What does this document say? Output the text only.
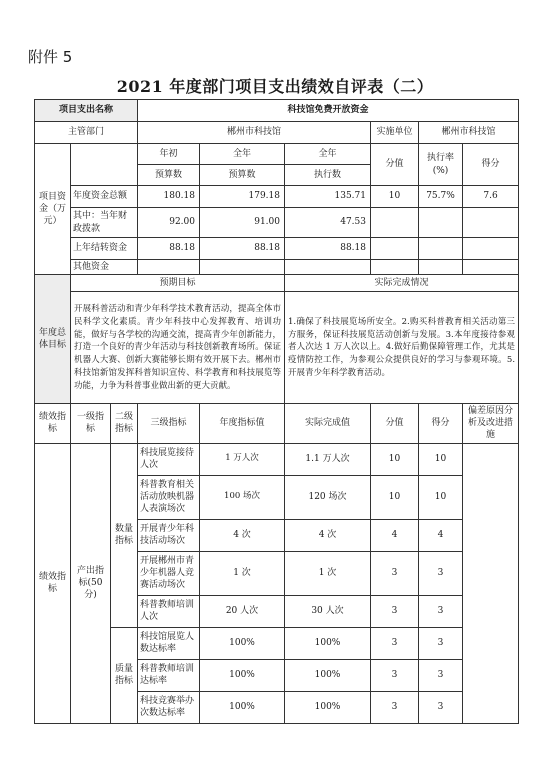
附件 5
2021 年度部门项目支出绩效自评表（二）
项目支出名称			科技馆免费开放资金					
主管部门			郴州市科技馆			实施单位	郴州市科技馆	
项目资金（万元）			年初	全年	全年	分值	执行率(%)	得分
			预算数	预算数	执行数			
	年度资金总额		180.18	179.18	135.71	10	75.7%	7.6
	其中：当年财政拨款		92.00	91.00	47.53			
	上年结转资金		88.18	88.18	88.18			
	其他资金							
年度总体目标	预期目标				实际完成情况			
	开展科普活动和青少年科学技术教育活动，提高全体市民科学文化素质。青少年科技中心发挥教育、培训功能，做好与各学校的沟通交流，提高青少年创新能力，打造一个良好的青少年活动与科技创新教育场所。保证机器人大赛、创新大赛能够长期有效开展下去。郴州市科技馆新馆发挥科普知识宣传、科学教育和科技展览等功能，力争为科普事业做出新的更大贡献。				1.确保了科技展览场所安全。2.购买科普教育相关活动第三方服务，保证科技展览活动创新与发展。3.本年度接待参观者人次达 1 万人次以上。4.做好后勤保障管理工作，尤其是疫情防控工作，为参观公众提供良好的学习与参观环境。5.开展青少年科学教育活动。			
绩效指标	一级指标	二级指标	三级指标	年度指标值	实际完成值	分值	得分	偏差原因分析及改进措施
绩效指标	产出指标(50分)	数量指标	科技展览接待人次	1 万人次	1.1 万人次	10	10	
			科普教育相关活动放映机器人表演场次	100 场次	120 场次	10	10	
			开展青少年科技活动场次	4 次	4 次	4	4	
			开展郴州市青少年机器人竞赛活动场次	1 次	1 次	3	3	
			科普教师培训人次	20 人次	30 人次	3	3	
		质量指标	科技馆展览人数达标率	100%	100%	3	3	
			科普教师培训达标率	100%	100%	3	3	
			科技竞赛举办次数达标率	100%	100%	3	3	
